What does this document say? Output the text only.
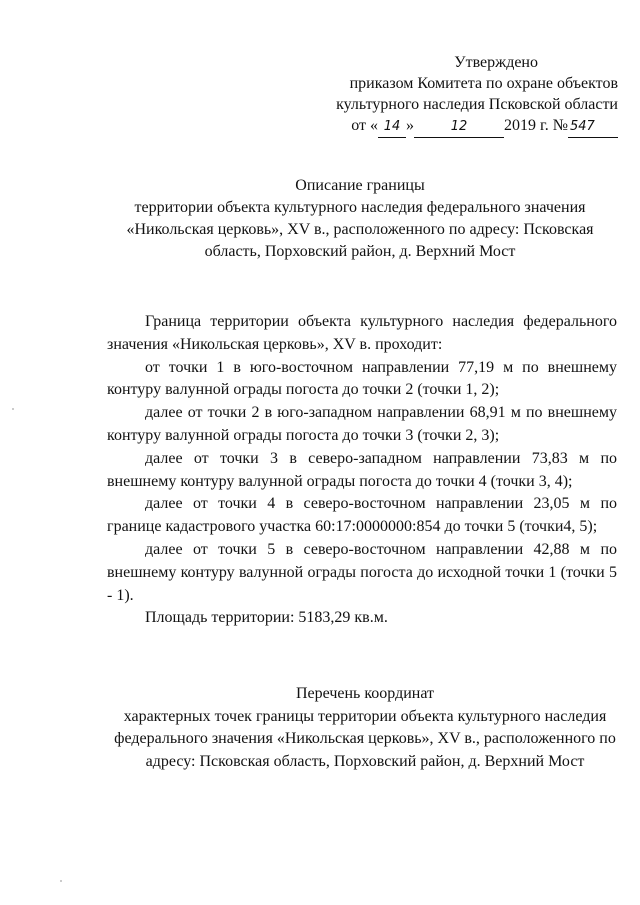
Утверждено
приказом Комитета по охране объектов
культурного наследия Псковской области
от « 14 »	12 2019 г. № 547
Описание границы
территории объекта культурного наследия федерального значения
«Никольская церковь», XV в., расположенного по адресу: Псковская
область, Порховский район, д. Верхний Мост

Граница территории объекта культурного наследия федерального значения «Никольская церковь», XV в. проходит:

от точки 1 в юго-восточном направлении 77,19 м по внешнему контуру валунной ограды погоста до точки 2 (точки 1, 2);

далее от точки 2 в юго-западном направлении 68,91 м по внешнему контуру валунной ограды погоста до точки 3 (точки 2, 3);

далее от точки 3 в северо-западном направлении 73,83 м по внешнему контуру валунной ограды погоста до точки 4 (точки 3, 4);

далее от точки 4 в северо-восточном направлении 23,05 м по границе кадастрового участка 60:17:0000000:854 до точки 5 (точки4, 5);

далее от точки 5 в северо-восточном направлении 42,88 м по внешнему контуру валунной ограды погоста до исходной точки 1 (точки 5 - 1).

Площадь территории: 5183,29 кв.м.

Перечень координат
характерных точек границы территории объекта культурного наследия
федерального значения «Никольская церковь», XV в., расположенного по
адресу: Псковская область, Порховский район, д. Верхний Мост
